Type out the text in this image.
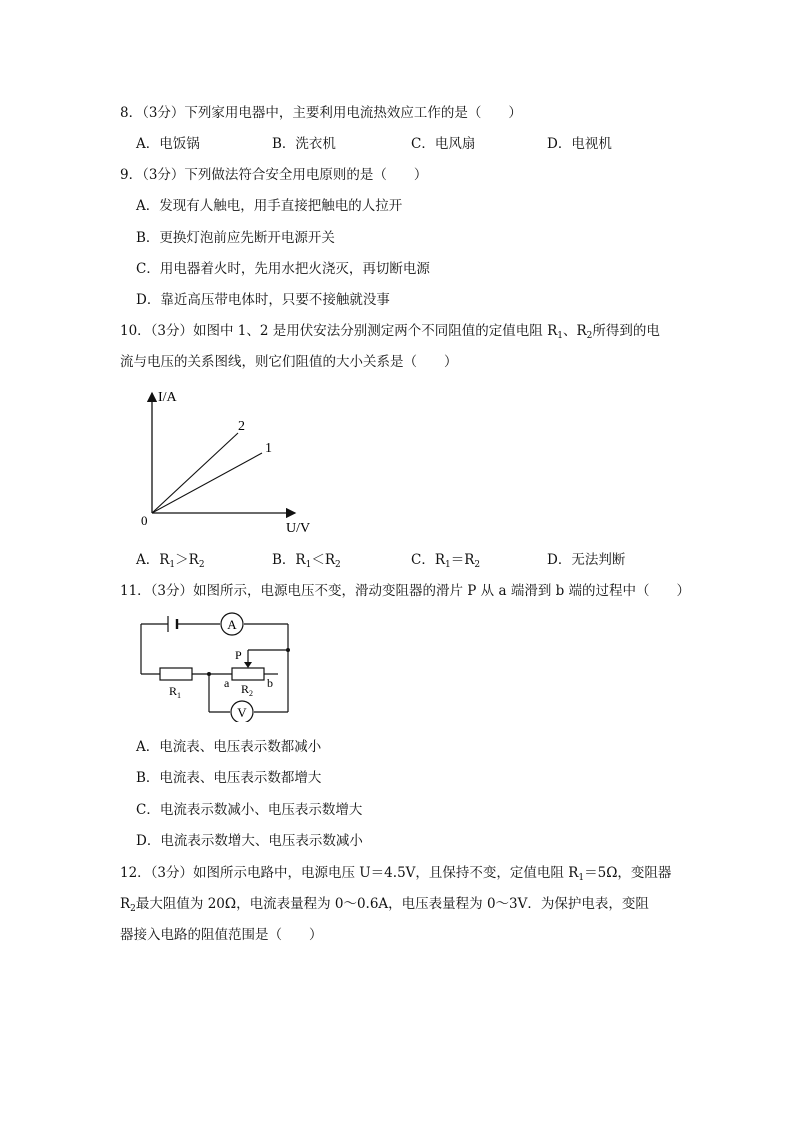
8．（3分）下列家用电器中，主要利用电流热效应工作的是（　　）
A．电饭锅	B．洗衣机	C．电风扇	D．电视机
9．（3分）下列做法符合安全用电原则的是（　　）
A．发现有人触电，用手直接把触电的人拉开
B．更换灯泡前应先断开电源开关
C．用电器着火时，先用水把火浇灭，再切断电源
D．靠近高压带电体时，只要不接触就没事
10．（3分）如图中 1、2 是用伏安法分别测定两个不同阻值的定值电阻 $R_1$、$R_2$所得到的电
流与电压的关系图线，则它们阻值的大小关系是（　　）
I/A
U/V
0
2
1
A．$R_1>R_2$	B．$R_1<R_2$	C．$R_1=R_2$	D．无法判断
11．（3分）如图所示，电源电压不变，滑动变阻器的滑片 P 从 a 端滑到 b 端的过程中（　　）
A
$R_1$	$R_2$
P
a	b
V
A．电流表、电压表示数都减小
B．电流表、电压表示数都增大
C．电流表示数减小、电压表示数增大
D．电流表示数增大、电压表示数减小
12．（3分）如图所示电路中，电源电压 U＝4.5V，且保持不变，定值电阻 $R_1=5\Omega$，变阻器
$R_2$最大阻值为 20Ω，电流表量程为 0～0.6A，电压表量程为 0～3V．为保护电表，变阻
器接入电路的阻值范围是（　　）
